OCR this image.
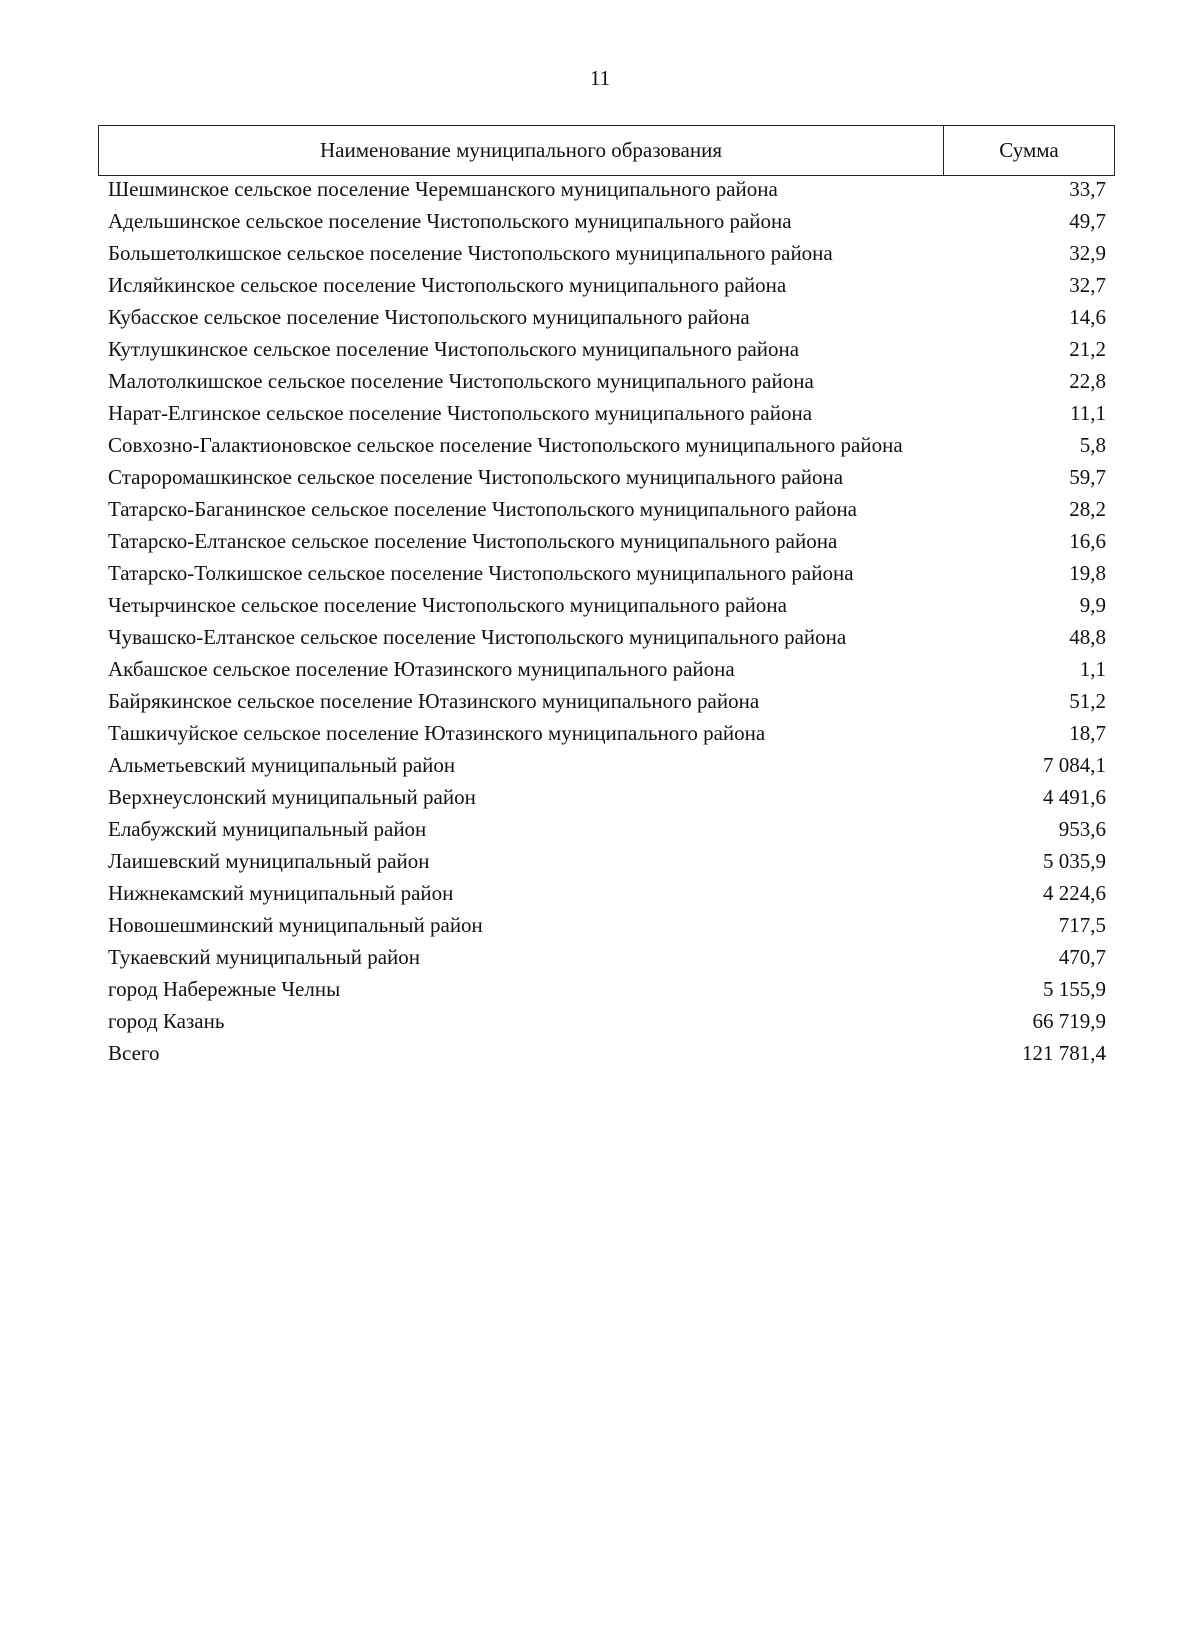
11
Наименование муниципального образования	Сумма
Шешминское сельское поселение Черемшанского муниципального района	33,7
Адельшинское сельское поселение Чистопольского муниципального района	49,7
Большетолкишское сельское поселение Чистопольского муниципального района	32,9
Исляйкинское сельское поселение Чистопольского муниципального района	32,7
Кубасское сельское поселение Чистопольского муниципального района	14,6
Кутлушкинское сельское поселение Чистопольского муниципального района	21,2
Малотолкишское сельское поселение Чистопольского муниципального района	22,8
Нарат-Елгинское сельское поселение Чистопольского муниципального района	11,1
Совхозно-Галактионовское сельское поселение Чистопольского муниципального района	5,8
Староромашкинское сельское поселение Чистопольского муниципального района	59,7
Татарско-Баганинское сельское поселение Чистопольского муниципального района	28,2
Татарско-Елтанское сельское поселение Чистопольского муниципального района	16,6
Татарско-Толкишское сельское поселение Чистопольского муниципального района	19,8
Четырчинское сельское поселение Чистопольского муниципального района	9,9
Чувашско-Елтанское сельское поселение Чистопольского муниципального района	48,8
Акбашское сельское поселение Ютазинского муниципального района	1,1
Байрякинское сельское поселение Ютазинского муниципального района	51,2
Ташкичуйское сельское поселение Ютазинского муниципального района	18,7
Альметьевский муниципальный район	7 084,1
Верхнеуслонский муниципальный район	4 491,6
Елабужский муниципальный район	953,6
Лаишевский муниципальный район	5 035,9
Нижнекамский муниципальный район	4 224,6
Новошешминский муниципальный район	717,5
Тукаевский муниципальный район	470,7
город Набережные Челны	5 155,9
город Казань	66 719,9
Всего	121 781,4
